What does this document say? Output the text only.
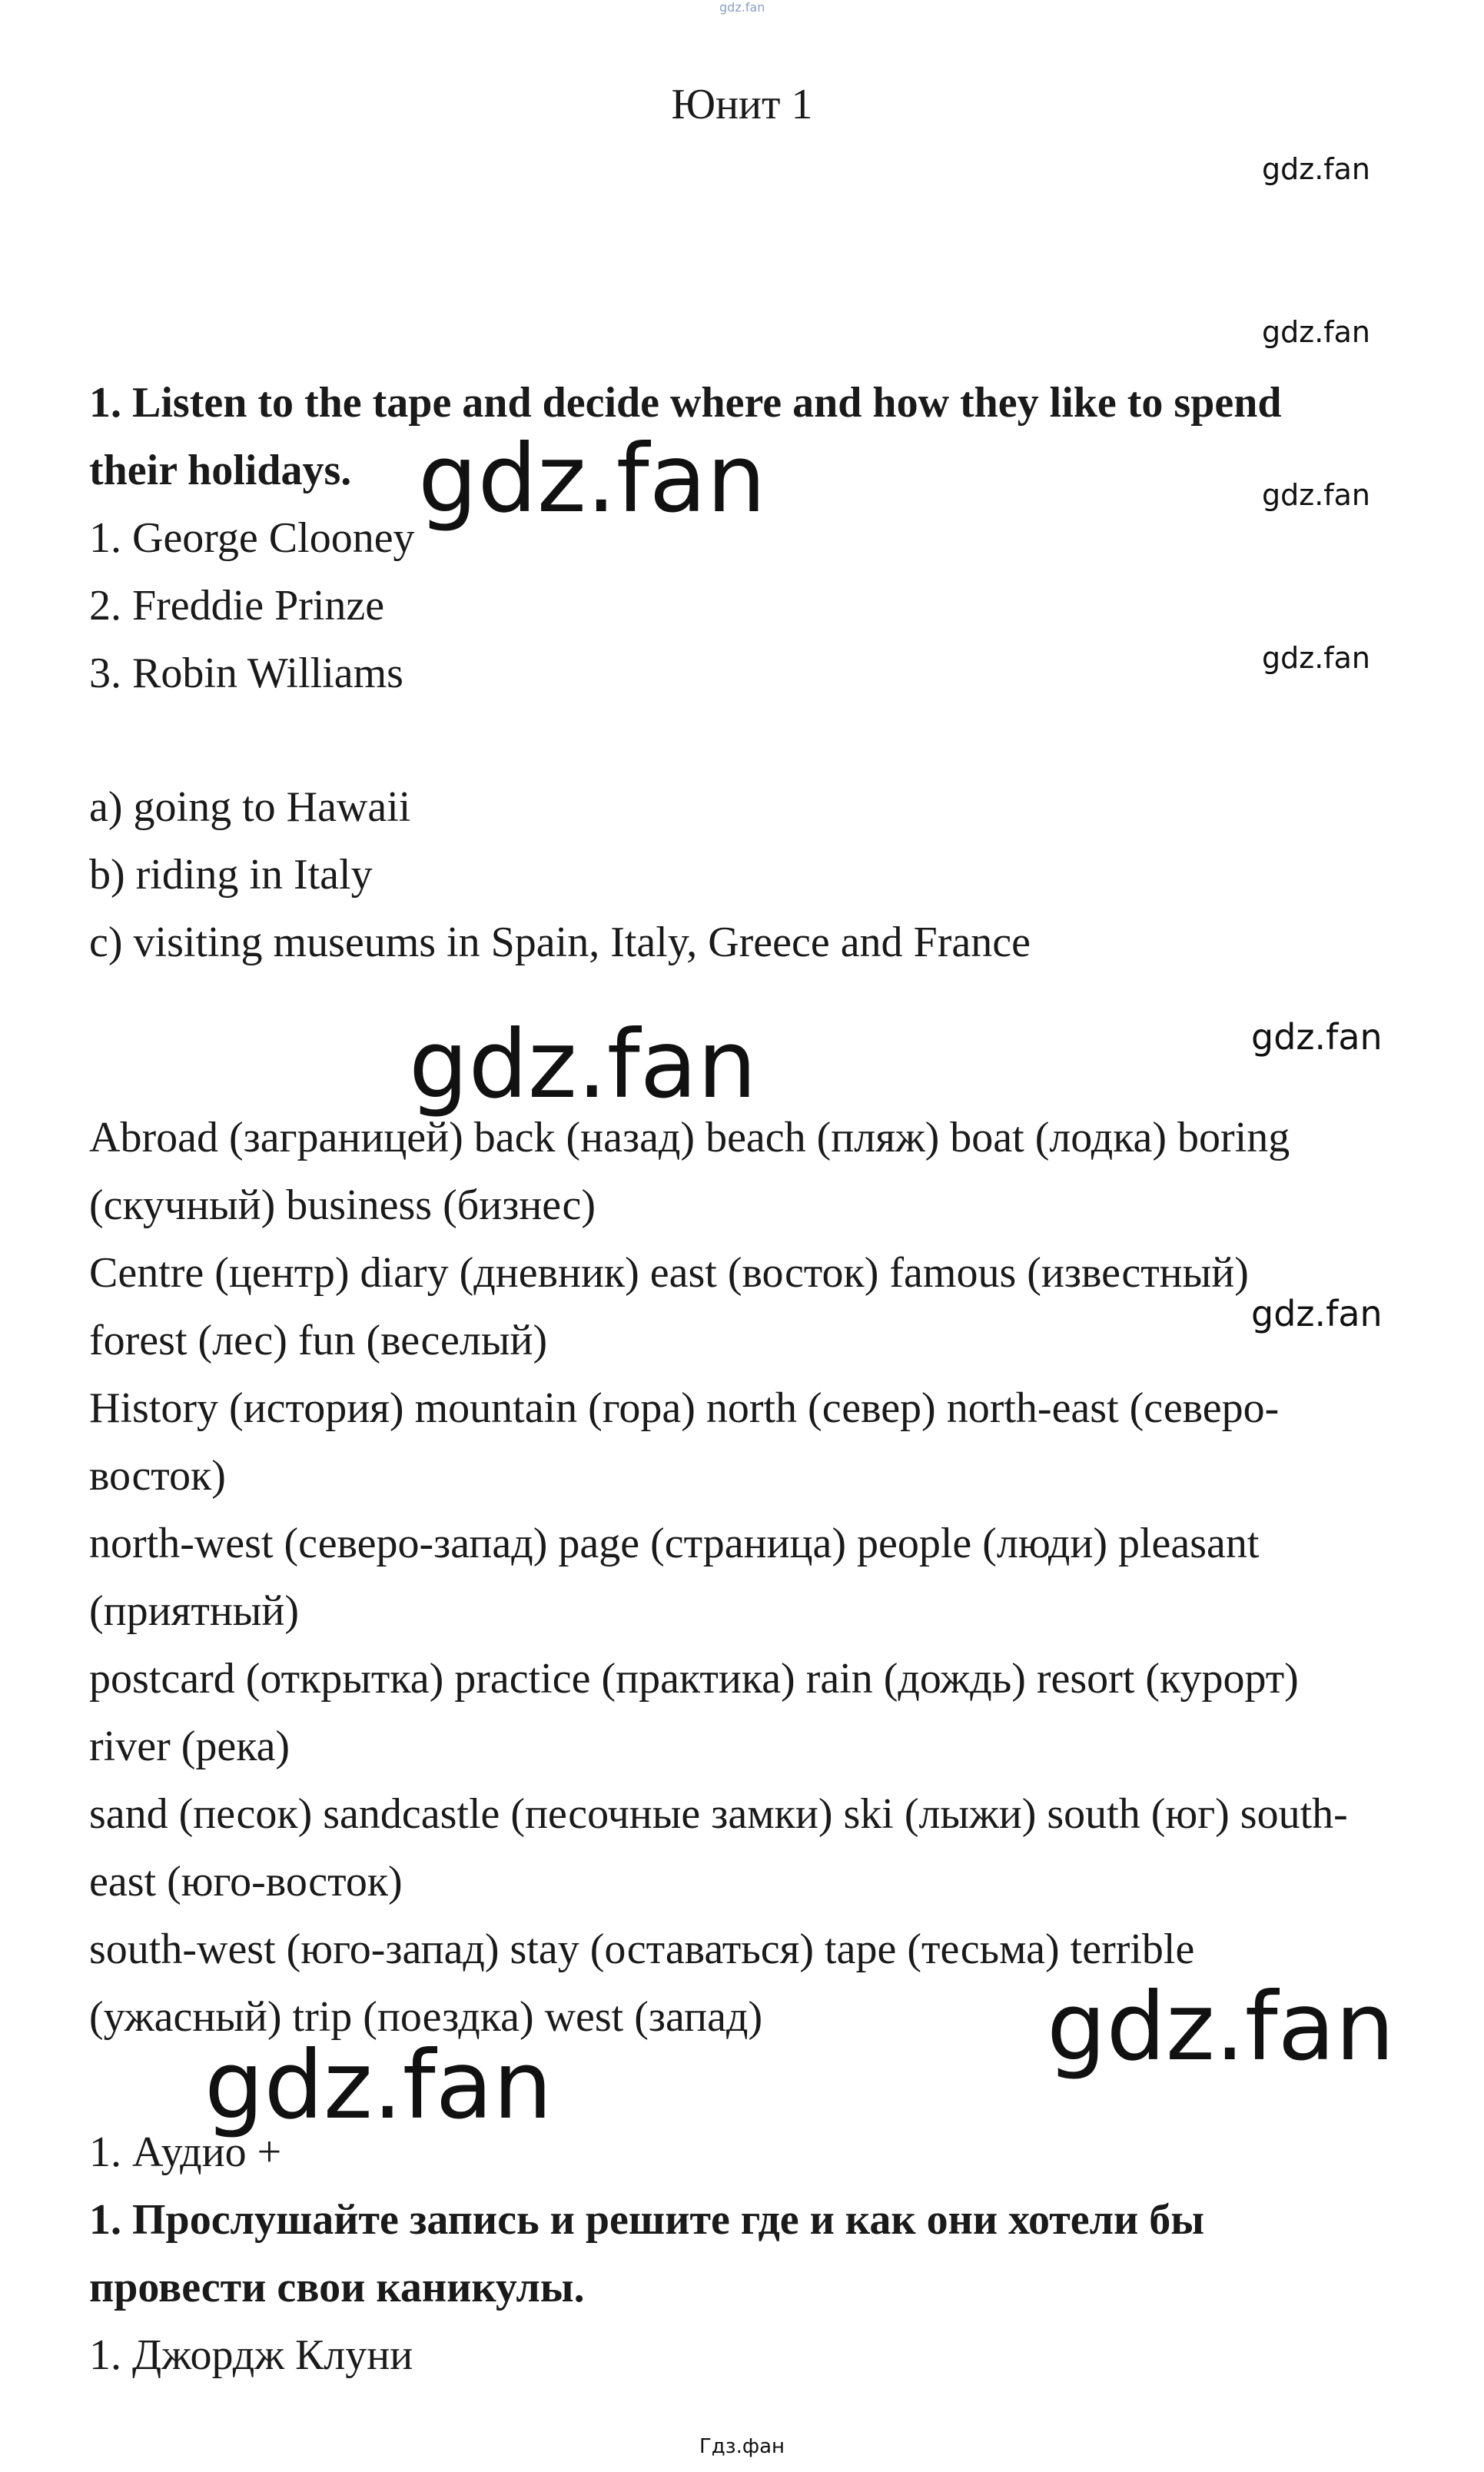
gdz.fan
Юнит 1
gdz.fan
gdz.fan
gdz.fan
gdz.fan
1. Listen to the tape and decide where and how they like to spend
their holidays.
1. George Clooney
2. Freddie Prinze
3. Robin Williams
a) going to Hawaii
b) riding in Italy
c) visiting museums in Spain, Italy, Greece and France
gdz.fan
gdz.fan	gdz.fan
gdz.fan
Abroad (заграницей) back (назад) beach (пляж) boat (лодка) boring
(скучный) business (бизнес)
Centre (центр) diary (дневник) east (восток) famous (известный)
forest (лес) fun (веселый)
History (история) mountain (гора) north (север) north-east (северо-
восток)
north-west (северо-запад) page (страница) people (люди) pleasant
(приятный)
postcard (открытка) practice (практика) rain (дождь) resort (курорт)
river (река)
sand (песок) sandcastle (песочные замки) ski (лыжи) south (юг) south-
east (юго-восток)
south-west (юго-запад) stay (оставаться) tape (тесьма) terrible
(ужасный) trip (поездка) west (запад)	gdz.fan
gdz.fan
1. Аудио +
1. Прослушайте запись и решите где и как они хотели бы
провести свои каникулы.
1. Джордж Клуни
Гдз.фан
